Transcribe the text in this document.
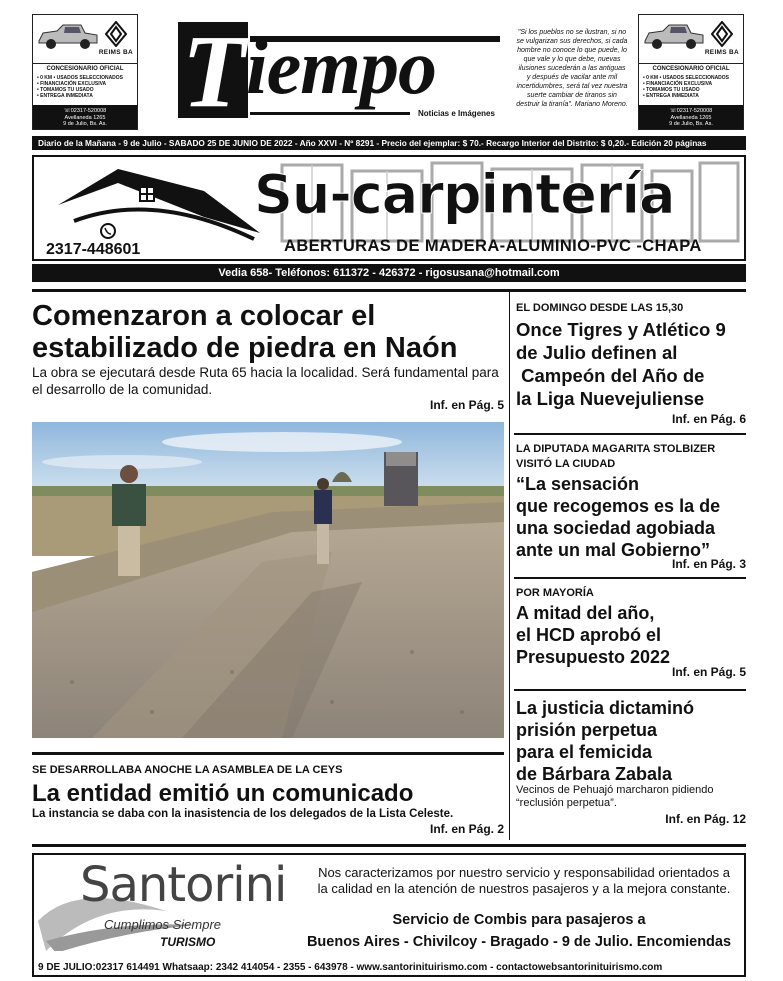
REIMS BA
CONCESIONARIO OFICIAL
• 0 KM • USADOS SELECCIONADOS
• FINANCIACIÓN EXCLUSIVA
• TOMAMOS TU USADO
• ENTREGA INMEDIATA
☏02317-520008
Avellaneda 1265
9 de Julio, Bs. As. T iempo
Noticias e Imágenes
"Si los pueblos no se ilustran, si no se vulgarizan sus derechos, si cada hombre no conoce lo que puede, lo que vale y lo que debe, nuevas ilusiones sucederán a las antiguas y después de vacilar ante mil incertidumbres, será tal vez nuestra suerte cambiar de tiranos sin destruir la tiranía". Mariano Moreno.
REIMS BA
CONCESIONARIO OFICIAL
• 0 KM • USADOS SELECCIONADOS
• FINANCIACIÓN EXCLUSIVA
• TOMAMOS TU USADO
• ENTREGA INMEDIATA
☏02317-520008
Avellaneda 1265
9 de Julio, Bs. As.
Diario de la Mañana - 9 de Julio - SABADO 25 DE JUNIO DE 2022 - Año XXVI - Nº 8291 - Precio del ejemplar: $ 70.- Recargo Interior del Distrito: $ 0,20.- Edición 20 páginas
Su-carpintería
2317-448601	ABERTURAS DE MADERA-ALUMINIO-PVC -CHAPA
Vedia 658- Teléfonos: 611372 - 426372 - rigosusana@hotmail.com
Comenzaron a colocar el
estabilizado de piedra en Naón
La obra se ejecutará desde Ruta 65 hacia la localidad. Será fundamental para el desarrollo de la comunidad.
Inf. en Pág. 5
SE DESARROLLABA ANOCHE LA ASAMBLEA DE LA CEYS
La entidad emitió un comunicado
La instancia se daba con la inasistencia de los delegados de la Lista Celeste.
Inf. en Pág. 2
EL DOMINGO DESDE LAS 15,30
Once Tigres y Atlético 9
de Julio definen al
Campeón del Año de
la Liga Nuevejuliense
Inf. en Pág. 6
LA DIPUTADA MAGARITA STOLBIZER
VISITÓ LA CIUDAD
“La sensación
que recogemos es la de
una sociedad agobiada
ante un mal Gobierno”
Inf. en Pág. 3
POR MAYORÍA
A mitad del año,
el HCD aprobó el
Presupuesto 2022
Inf. en Pág. 5
La justicia dictaminó
prisión perpetua
para el femicida
de Bárbara Zabala
Vecinos de Pehuajó marcharon pidiendo “reclusión perpetua”.
Inf. en Pág. 12
Santorini
Cumplimos Siempre
TURISMO
Nos caracterizamos por nuestro servicio y responsabilidad orientados a la calidad en la atención de nuestros pasajeros y a la mejora constante.
Servicio de Combis para pasajeros a
Buenos Aires - Chivilcoy - Bragado - 9 de Julio. Encomiendas
9 DE JULIO:02317 614491 Whatsaap: 2342 414054 - 2355 - 643978 - www.santorinituirismo.com - contactowebsantorinituirismo.com
